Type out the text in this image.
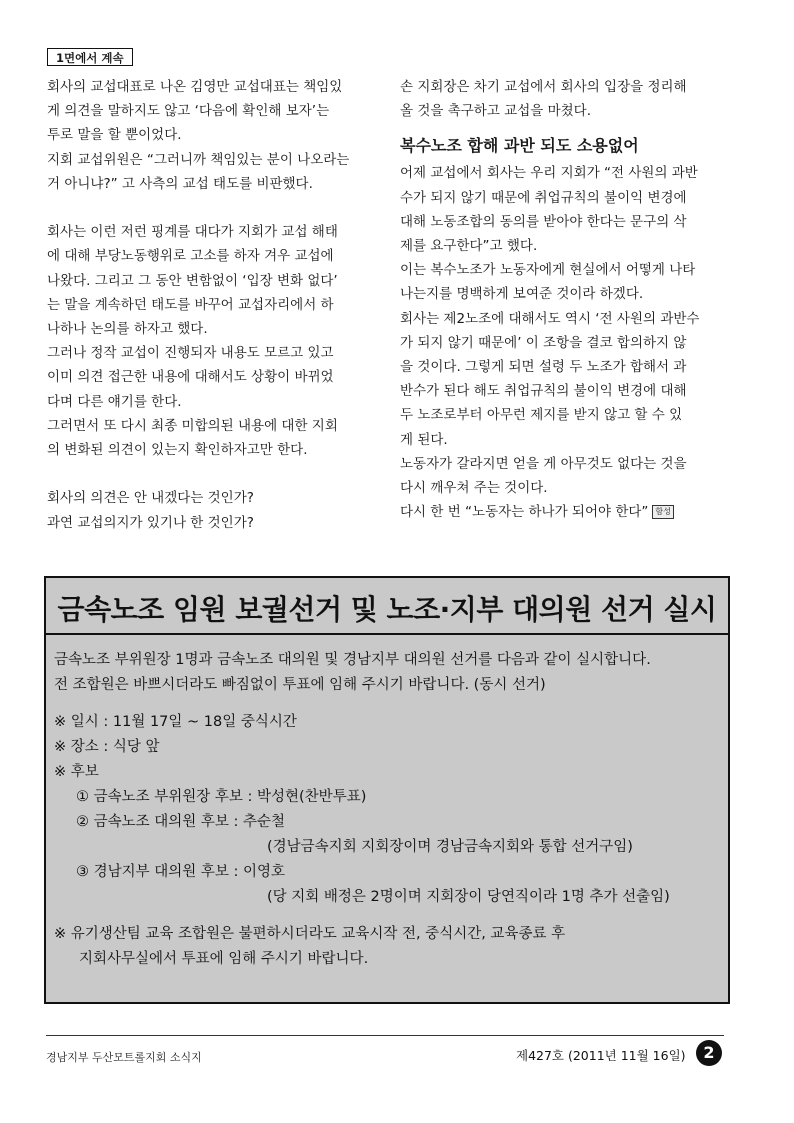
1면에서 계속

회사의 교섭대표로 나온 김영만 교섭대표는 책임있

게 의견을 말하지도 않고 ‘다음에 확인해 보자’는

투로 말을 할 뿐이었다.

지회 교섭위원은 “그러니까 책임있는 분이 나오라는

거 아니냐?” 고 사측의 교섭 태도를 비판했다.

회사는 이런 저런 핑계를 대다가 지회가 교섭 해태

에 대해 부당노동행위로 고소를 하자 겨우 교섭에

나왔다. 그리고 그 동안 변함없이 ‘입장 변화 없다’

는 말을 계속하던 태도를 바꾸어 교섭자리에서 하

나하나 논의를 하자고 했다.

그러나 정작 교섭이 진행되자 내용도 모르고 있고

이미 의견 접근한 내용에 대해서도 상황이 바뀌었

다며 다른 얘기를 한다.

그러면서 또 다시 최종 미합의된 내용에 대한 지회

의 변화된 의견이 있는지 확인하자고만 한다.

회사의 의견은 안 내겠다는 것인가?

과연 교섭의지가 있기나 한 것인가?

손 지회장은 차기 교섭에서 회사의 입장을 정리해

올 것을 촉구하고 교섭을 마쳤다.

복수노조 합해 과반 되도 소용없어

어제 교섭에서 회사는 우리 지회가 “전 사원의 과반

수가 되지 않기 때문에 취업규칙의 불이익 변경에

대해 노동조합의 동의를 받아야 한다는 문구의 삭

제를 요구한다”고 했다.

이는 복수노조가 노동자에게 현실에서 어떻게 나타

나는지를 명백하게 보여준 것이라 하겠다.

회사는 제2노조에 대해서도 역시 ‘전 사원의 과반수

가 되지 않기 때문에’ 이 조항을 결코 합의하지 않

을 것이다. 그렇게 되면 설령 두 노조가 합해서 과

반수가 된다 해도 취업규칙의 불이익 변경에 대해

두 노조로부터 아무런 제지를 받지 않고 할 수 있

게 된다.

노동자가 갈라지면 얻을 게 아무것도 없다는 것을

다시 깨우쳐 주는 것이다.

다시 한 번 “노동자는 하나가 되어야 한다” 함성

금속노조 임원 보궐선거 및 노조·지부 대의원 선거 실시

금속노조 부위원장 1명과 금속노조 대의원 및 경남지부 대의원 선거를 다음과 같이 실시합니다.

전 조합원은 바쁘시더라도 빠짐없이 투표에 임해 주시기 바랍니다. (동시 선거)

※ 일시 : 11월 17일 ~ 18일 중식시간

※ 장소 : 식당 앞

※ 후보

① 금속노조 부위원장 후보 : 박성현(찬반투표)

② 금속노조 대의원 후보 : 추순철

(경남금속지회 지회장이며 경남금속지회와 통합 선거구임)

③ 경남지부 대의원 후보 : 이영호

(당 지회 배정은 2명이며 지회장이 당연직이라 1명 추가 선출임)

※ 유기생산팀 교육 조합원은 불편하시더라도 교육시작 전, 중식시간, 교육종료 후

지회사무실에서 투표에 임해 주시기 바랍니다.

경남지부 두산모트롤지회 소식지	제427호 (2011년 11월 16일)	2
